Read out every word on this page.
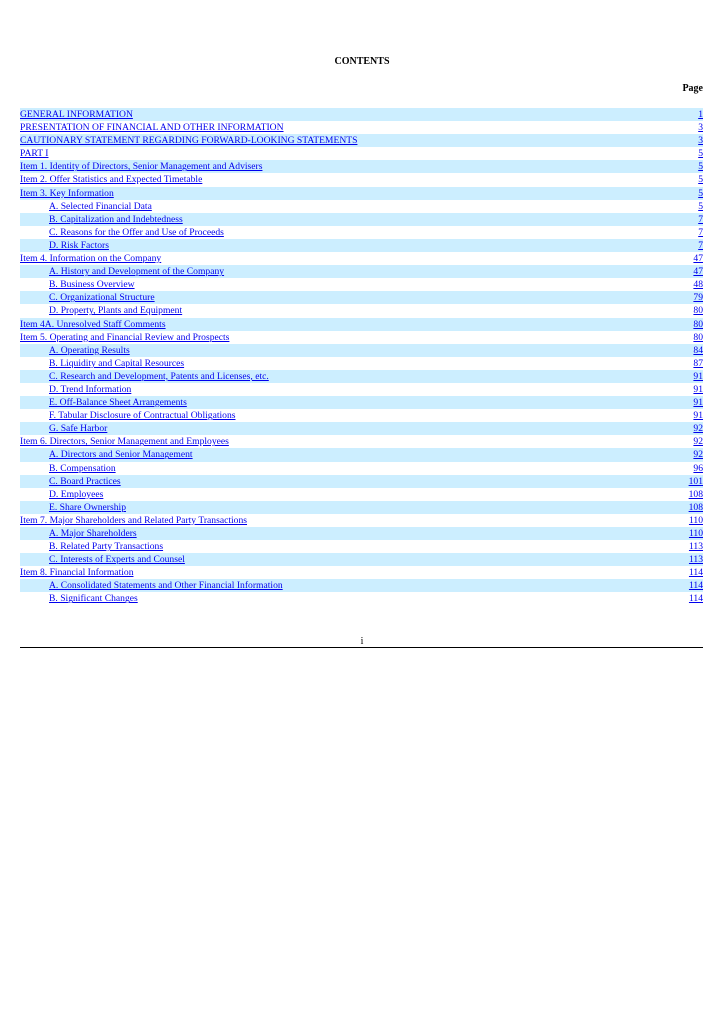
CONTENTS
Page
GENERAL INFORMATION	1
PRESENTATION OF FINANCIAL AND OTHER INFORMATION	3
CAUTIONARY STATEMENT REGARDING FORWARD-LOOKING STATEMENTS	3
PART I	5
Item 1. Identity of Directors, Senior Management and Advisers	5
Item 2. Offer Statistics and Expected Timetable	5
Item 3. Key Information	5
A. Selected Financial Data	5
B. Capitalization and Indebtedness	7
C. Reasons for the Offer and Use of Proceeds	7
D. Risk Factors	7
Item 4. Information on the Company	47
A. History and Development of the Company	47
B. Business Overview	48
C. Organizational Structure	79
D. Property, Plants and Equipment	80
Item 4A. Unresolved Staff Comments	80
Item 5. Operating and Financial Review and Prospects	80
A. Operating Results	84
B. Liquidity and Capital Resources	87
C. Research and Development, Patents and Licenses, etc.	91
D. Trend Information	91
E. Off-Balance Sheet Arrangements	91
F. Tabular Disclosure of Contractual Obligations	91
G. Safe Harbor	92
Item 6. Directors, Senior Management and Employees	92
A. Directors and Senior Management	92
B. Compensation	96
C. Board Practices	101
D. Employees	108
E. Share Ownership	108
Item 7. Major Shareholders and Related Party Transactions	110
A. Major Shareholders	110
B. Related Party Transactions	113
C. Interests of Experts and Counsel	113
Item 8. Financial Information	114
A. Consolidated Statements and Other Financial Information	114
B. Significant Changes	114
i
